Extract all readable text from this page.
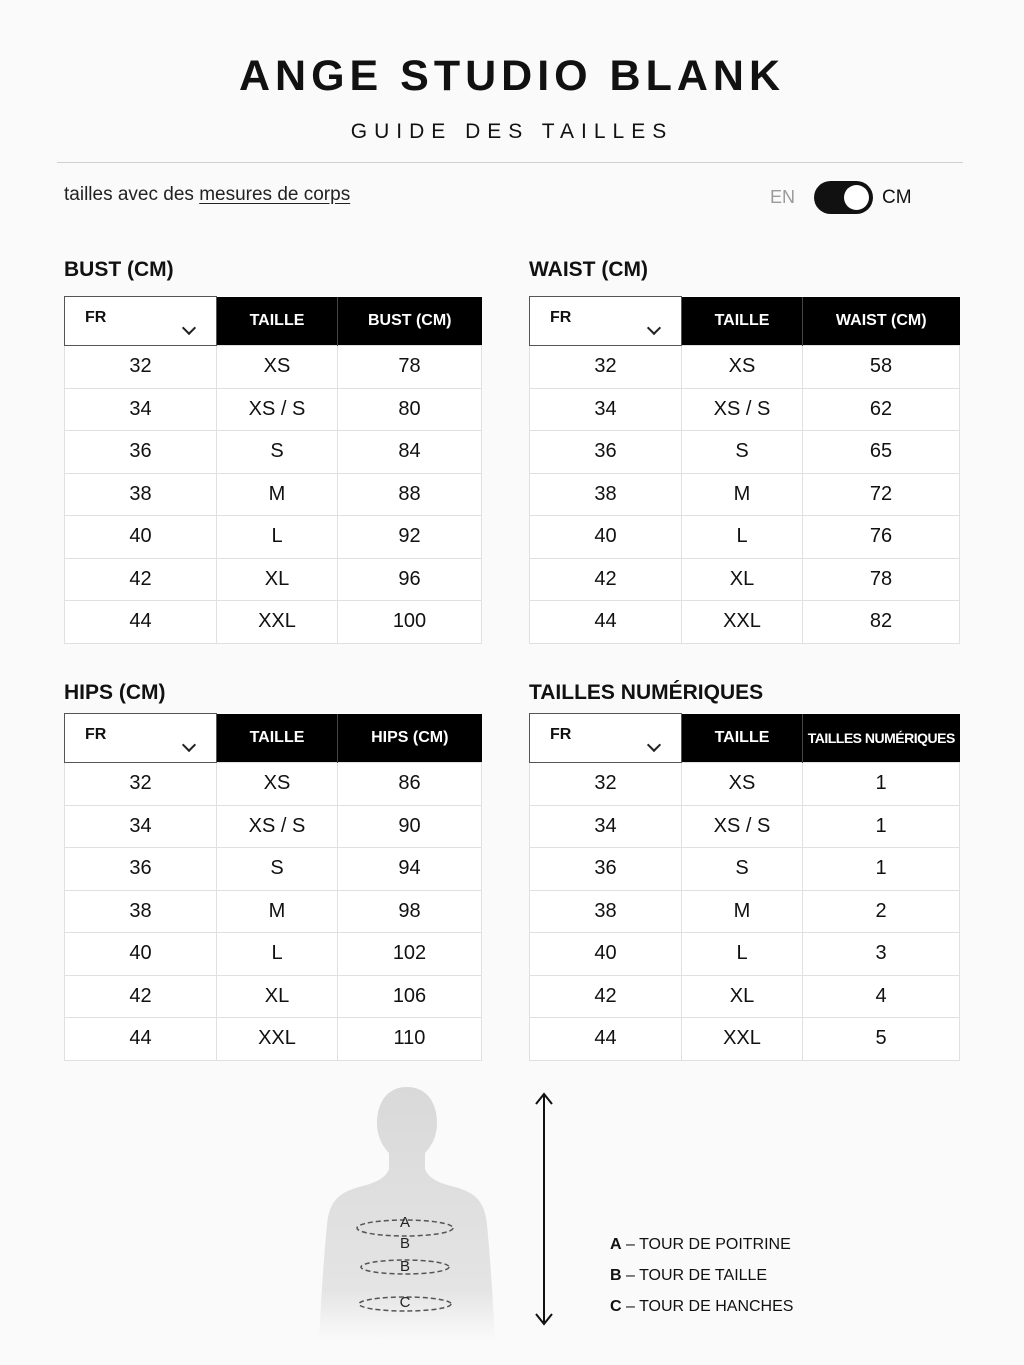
ANGE STUDIO BLANK
GUIDE DES TAILLES
tailles avec des mesures de corps	EN	CM
BUST (CM)
FR	TAILLE	BUST (CM)
32	XS	78
34	XS / S	80
36	S	84
38	M	88
40	L	92
42	XL	96
44	XXL	100
WAIST (CM)
FR	TAILLE	WAIST (CM)
32	XS	58
34	XS / S	62
36	S	65
38	M	72
40	L	76
42	XL	78
44	XXL	82
HIPS (CM)
FR	TAILLE	HIPS (CM)
32	XS	86
34	XS / S	90
36	S	94
38	M	98
40	L	102
42	XL	106
44	XXL	110
TAILLES NUMÉRIQUES
FR	TAILLE	TAILLES NUMÉRIQUES
32	XS	1
34	XS / S	1
36	S	1
38	M	2
40	L	3
42	XL	4
44	XXL	5
A
B
B
C
A – TOUR DE POITRINE
B – TOUR DE TAILLE
C – TOUR DE HANCHES
